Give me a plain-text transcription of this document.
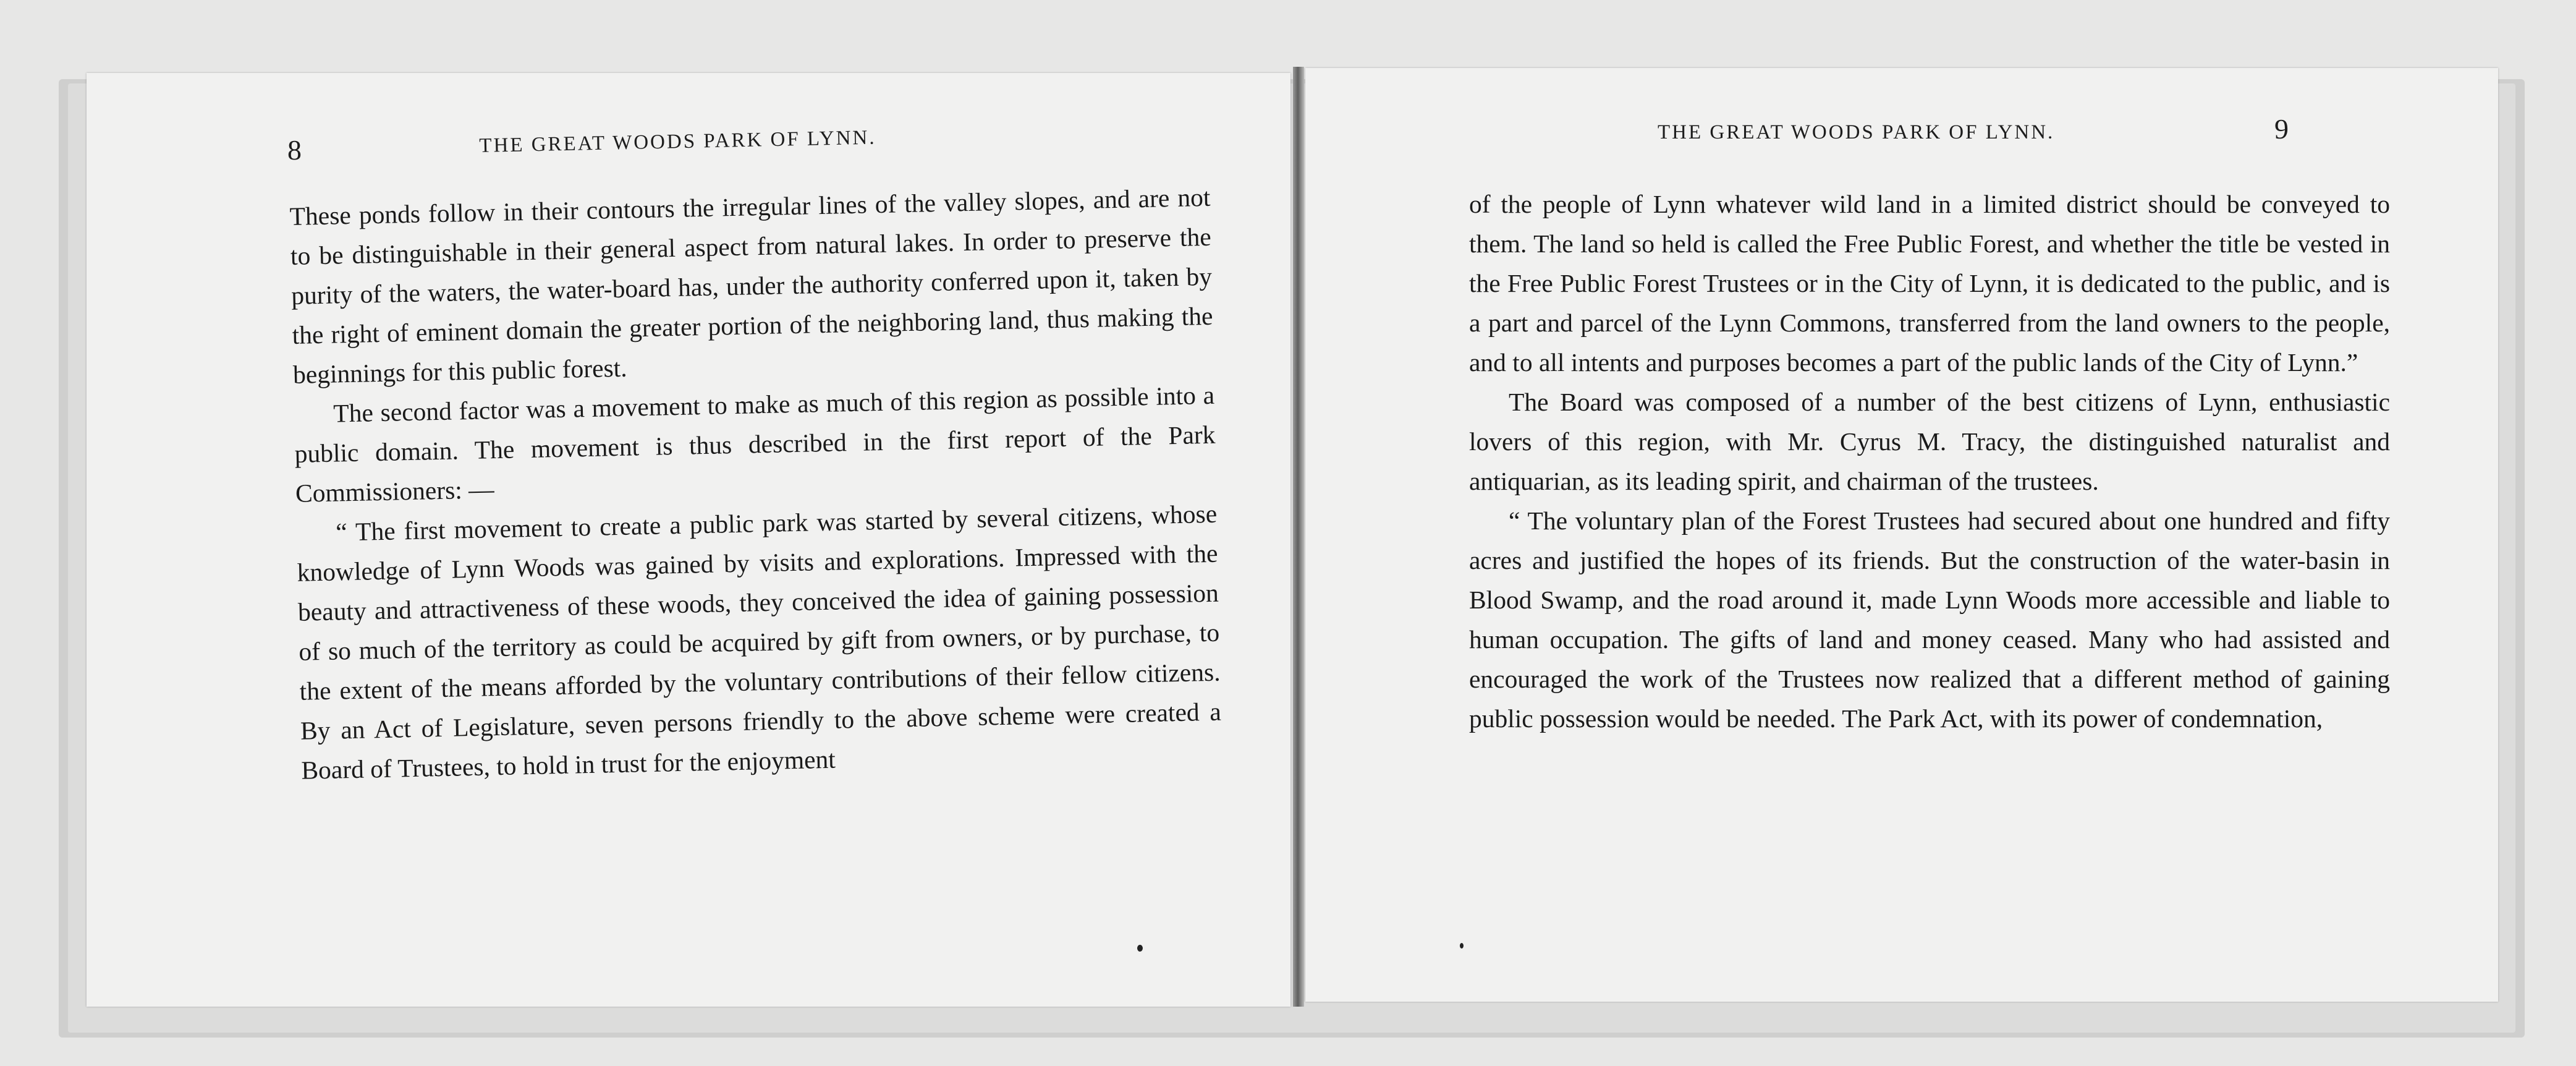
8	THE GREAT WOODS PARK OF LYNN.

These ponds follow in their contours the irregular lines of the valley slopes, and are not to be distinguishable in their general aspect from natural lakes. In order to preserve the purity of the waters, the water-board has, under the authority conferred upon it, taken by the right of eminent domain the greater portion of the neighboring land, thus making the beginnings for this public forest.

The second factor was a movement to make as much of this region as possible into a public domain. The movement is thus described in the first report of the Park Commissioners: —

“ The first movement to create a public park was started by several citizens, whose knowledge of Lynn Woods was gained by visits and explorations. Impressed with the beauty and attractiveness of these woods, they conceived the idea of gaining possession of so much of the territory as could be acquired by gift from owners, or by purchase, to the extent of the means afforded by the voluntary contributions of their fellow citizens. By an Act of Legislature, seven persons friendly to the above scheme were created a Board of Trustees, to hold in trust for the enjoyment

THE GREAT WOODS PARK OF LYNN.	9

of the people of Lynn whatever wild land in a limited district should be conveyed to them. The land so held is called the Free Public Forest, and whether the title be vested in the Free Public Forest Trustees or in the City of Lynn, it is dedicated to the public, and is a part and parcel of the Lynn Commons, transferred from the land owners to the people, and to all intents and purposes becomes a part of the public lands of the City of Lynn.”

The Board was composed of a number of the best citizens of Lynn, enthusiastic lovers of this region, with Mr. Cyrus M. Tracy, the distinguished naturalist and antiquarian, as its leading spirit, and chairman of the trustees.

“ The voluntary plan of the Forest Trustees had secured about one hundred and fifty acres and justified the hopes of its friends. But the construction of the water-basin in Blood Swamp, and the road around it, made Lynn Woods more accessible and liable to human occupation. The gifts of land and money ceased. Many who had assisted and encouraged the work of the Trustees now realized that a different method of gaining public possession would be needed. The Park Act, with its power of condemnation,
